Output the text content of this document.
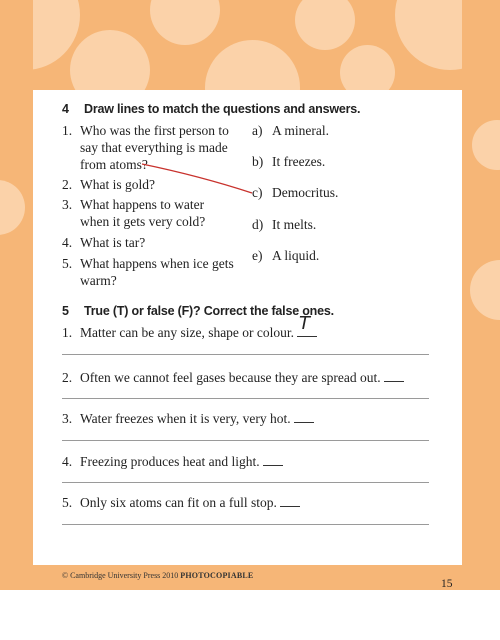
4 Draw lines to match the questions and answers.
1. Who was the first person to
say that everything is made
from atoms?
2. What is gold?
3. What happens to water
when it gets very cold?
4. What is tar?
5. What happens when ice gets
warm?
a) A mineral.
b) It freezes.
c) Democritus.
d) It melts.
e) A liquid.
5 True (T) or false (F)? Correct the false ones.
1. Matter can be any size, shape or colour. T
2. Often we cannot feel gases because they are spread out.
3. Water freezes when it is very, very hot.
4. Freezing produces heat and light.
5. Only six atoms can fit on a full stop.
© Cambridge University Press 2010 PHOTOCOPIABLE
15
